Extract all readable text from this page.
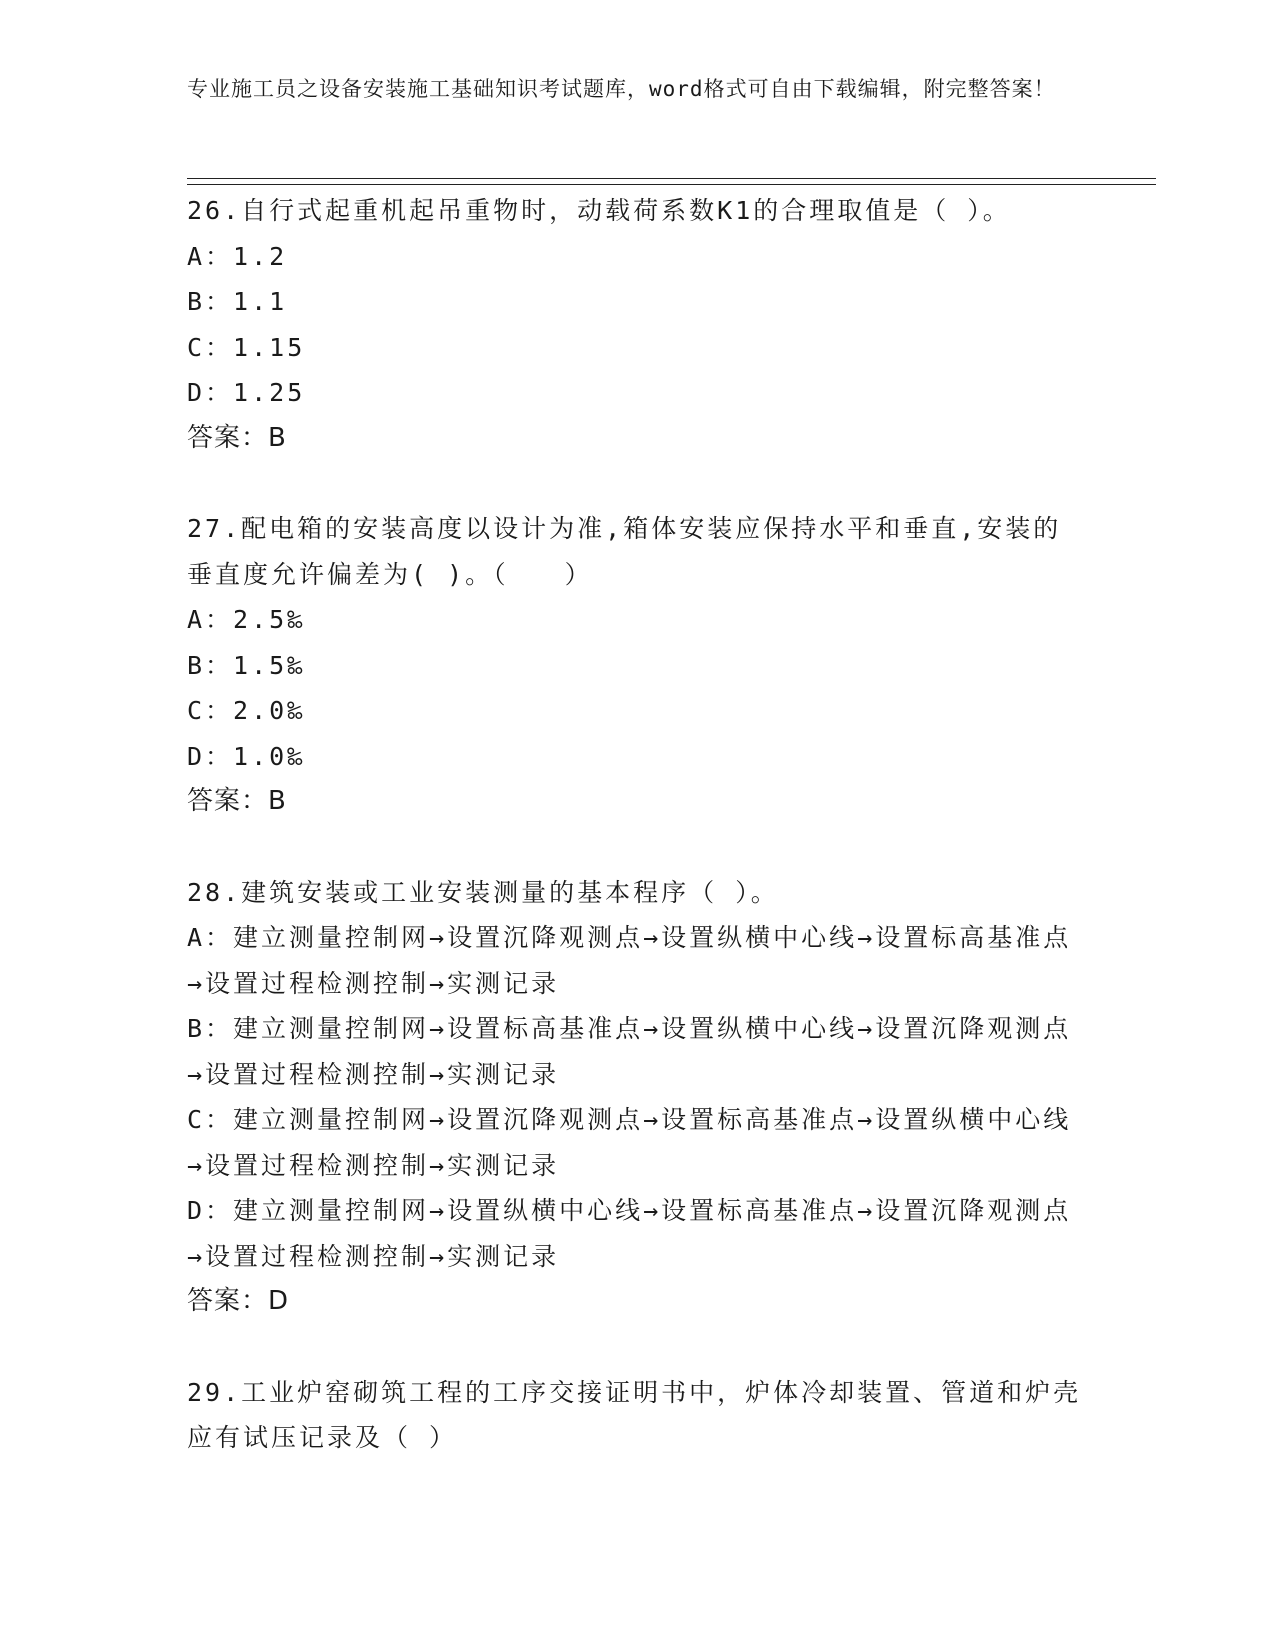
专业施工员之设备安装施工基础知识考试题库，word格式可自由下载编辑，附完整答案！
26.自行式起重机起吊重物时，动载荷系数K1的合理取值是（ ）。
A：1.2
B：1.1
C：1.15
D：1.25
答案：B
27.配电箱的安装高度以设计为准,箱体安装应保持水平和垂直,安装的垂直度允许偏差为( )。（　　）
A：2.5‰
B：1.5‰
C：2.0‰
D：1.0‰
答案：B
28.建筑安装或工业安装测量的基本程序（ ）。
A：建立测量控制网→设置沉降观测点→设置纵横中心线→设置标高基准点→设置过程检测控制→实测记录
B：建立测量控制网→设置标高基准点→设置纵横中心线→设置沉降观测点→设置过程检测控制→实测记录
C：建立测量控制网→设置沉降观测点→设置标高基准点→设置纵横中心线→设置过程检测控制→实测记录
D：建立测量控制网→设置纵横中心线→设置标高基准点→设置沉降观测点→设置过程检测控制→实测记录
答案：D
29.工业炉窑砌筑工程的工序交接证明书中，炉体冷却装置、管道和炉壳应有试压记录及（ ）
